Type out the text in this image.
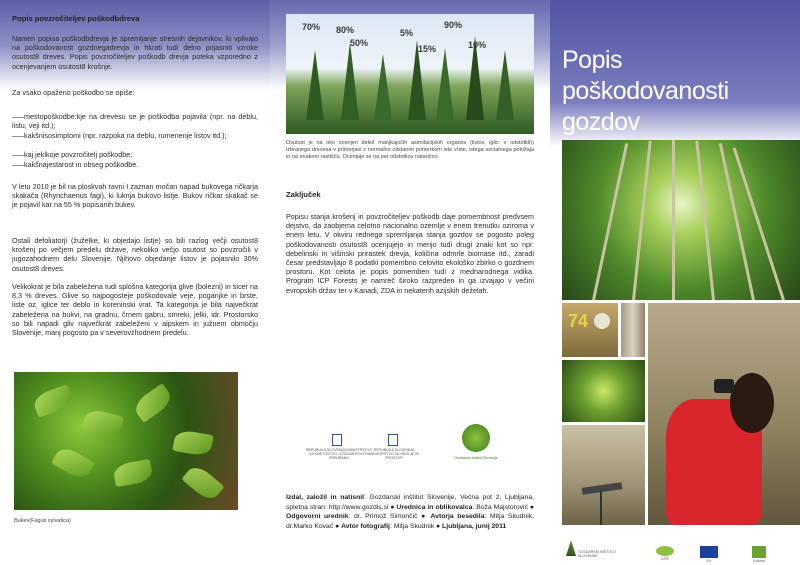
Popis povzročiteljev poškodbdreva
Namen popisa poškodbdrevja je spremljanje stresnih dejavnikov, ki vplivajo na poškodovanost gozdnegadrevja in hkrati tudi delno pojasniti vzroke osutost8 dreves. Popis povzročiteljev poškodb drevja poteka vzporedno z ocenjevanjem osutost8 krošnje.
Za vsako opaženo poškodbo se opiše:
–––mestopoškodbe:kje na drevesu se je poškodba pojavila (npr. na deblu, listu, veji itd.);
–––kakšnisosimptomi (npr. razpoka na deblu, rumenenje listov itd.);
–––kaj jeklkoje povzročitelj poškodbe;
–––kakšnajestarost in obseg poškodbe.
V letu 2010 je bil na ploskvah ravni I zaznan močan napad bukovega ričkarja skakača (Rhynchaenus fagi), ki luknja bukovo listje. Bukov ričkar skakač se je pojavil kar na 55 % popisanih bukev.
Ostali defoliatorji (žuželke, ki objedajo listje) so bili razlog večji osutost8 krošenj po večjem predelu države, nekoliko večjo osutost so povzročili v jugozahodnem delu Slovenije. Njihovo objedanje listov je pojasnilo 30% osutost8 dreves.
Velikokrat je bila zabeležena tudi splošna kategorija glive (bolezni) in sicer na 8,3 % dreves. Glive so najpogosteje poškodovale veje, poganjke in brste, liste oz. iglice ter deblo in koreninski vrat. Ta kategorija je bila največkrat zabeležena na bukvi, na gradnu, črnem gabru, smreki, jelki, idr. Prostorsko so bili napadi gliv največkrat zabeleženi v alpskem in južnem območju Slovenije, manj pogosto pa v severovzhodnem predelu.
Bukev(Fagus sylvatica)
70% 80%	5%
90%
10%
50%
15%
Osutost je na oko ocenjen delež manjkajočih asimilacijskih organov (listov, iglic: v odstotkih) izbranega drevesa v primerjavi z normalno olistanim primerkom iste vrste, istega socialnega položaja in na enakem rastišču. Ocenjuje se na pet odstotkov natančno.
Zaključek
Popisu stanja krošenj in povzročiteljev poškodb daje pomembnost predvsem dejstvo, da zaobjema celotno nacionalno ozemlje v enem trenutku oziroma v enem letu. V okviru rednega spremljanja stanja gozdov se pogosto poleg poškodovanosti osutost8 ocenjujejo in merijo tudi drugi znaki kot so npr. debelinski in višinski prirastek drevja, količina odmrle biomase itd., zaradi česar predstavljajo 8 podatki pomembno celovito ekološko zbirko o gozdnem prostoru. Kot celota je popis pomemben tudi z mednarodnega vidika. Program ICP Forests je namreč široko razpreden in ga izvajajo v večini evropskih držav ter v Kanadi, ZDA in nekaterih azijskih deželah.
REPUBLIKA SLOVENIJA MINISTRSTVO ZA KMETIJSTVO, GOZDARSTVO IN PREHRANO
REPUBLIKA SLOVENIJA MINISTRSTVO ZA OKOLJE IN PROSTOR	Gozdarski inštitut Slovenije
Izdal, založil in natisnil: Gozdarski inštitut Slovenije, Večna pot 2, Ljubljana, spletna stran: http://www.gozdis.si ● Urednica in oblikovalca: Boža Majstorovič ● Odgovorni urednik: dr. Primož Simončič ● Avtorja besedila: Mitja Skudnik, dr.Marko Kovač ● Avtor fotografij: Mitja Skudnik ● Ljubljana, junij 2011
Popis poškodovanosti
gozdov
74
GOZDARSKI INŠTITUT SLOVENIJE
LIFE	EU	FutMon
